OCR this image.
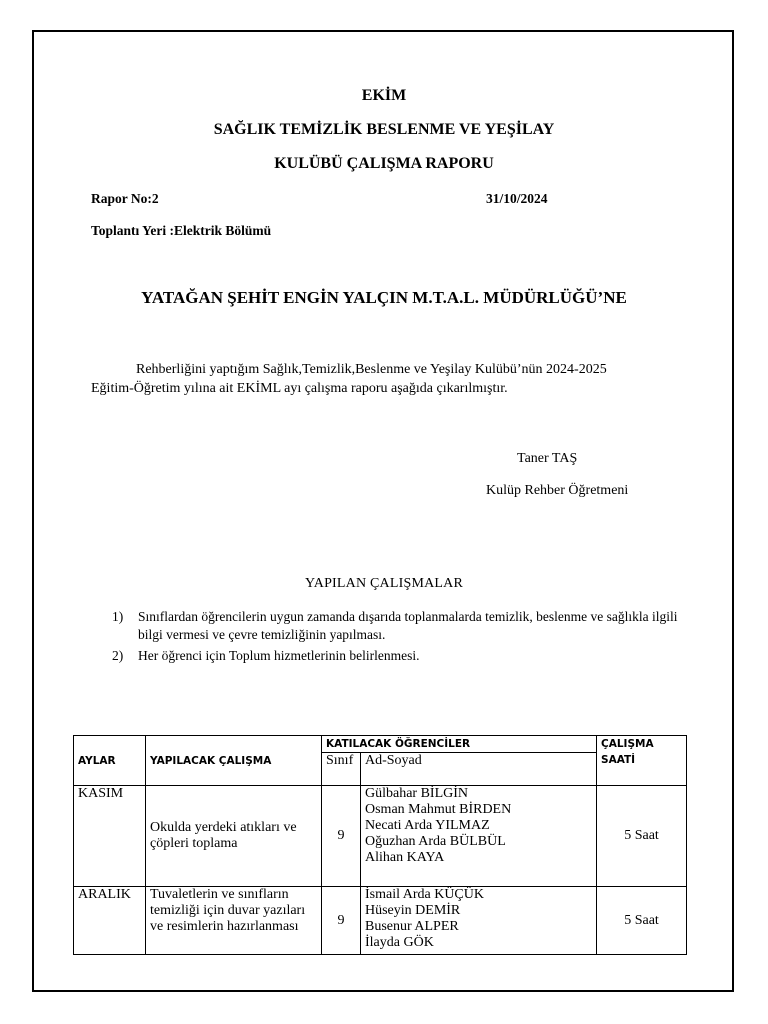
EKİM
SAĞLIK TEMİZLİK BESLENME VE YEŞİLAY
KULÜBÜ ÇALIŞMA RAPORU
Rapor No:2	31/10/2024
Toplantı Yeri :Elektrik Bölümü
YATAĞAN ŞEHİT ENGİN YALÇIN M.T.A.L. MÜDÜRLÜĞÜ’NE
Rehberliğini yaptığım Sağlık,Temizlik,Beslenme ve Yeşilay Kulübü’nün 2024-2025
Eğitim-Öğretim yılına ait EKİML ayı çalışma raporu aşağıda çıkarılmıştır.
Taner TAŞ
Kulüp Rehber Öğretmeni
YAPILAN ÇALIŞMALAR
1) Sınıflardan öğrencilerin uygun zamanda dışarıda toplanmalarda temizlik, beslenme ve sağlıkla ilgili bilgi vermesi ve çevre temizliğinin yapılması.
2) Her öğrenci için Toplum hizmetlerinin belirlenmesi.
AYLAR	YAPILACAK ÇALIŞMA	KATILACAK ÖĞRENCİLER		ÇALIŞMA SAATİ
		Sınıf	Ad-Soyad	
KASIM	Okulda yerdeki atıkları ve çöpleri toplama	9	Gülbahar BİLGİN
Osman Mahmut BİRDEN
Necati Arda YILMAZ
Oğuzhan Arda BÜLBÜL
Alihan KAYA	5 Saat
ARALIK	Tuvaletlerin ve sınıfların temizliği için duvar yazıları ve resimlerin hazırlanması	9	İsmail Arda KÜÇÜK
Hüseyin DEMİR
Busenur ALPER
İlayda GÖK	5 Saat
